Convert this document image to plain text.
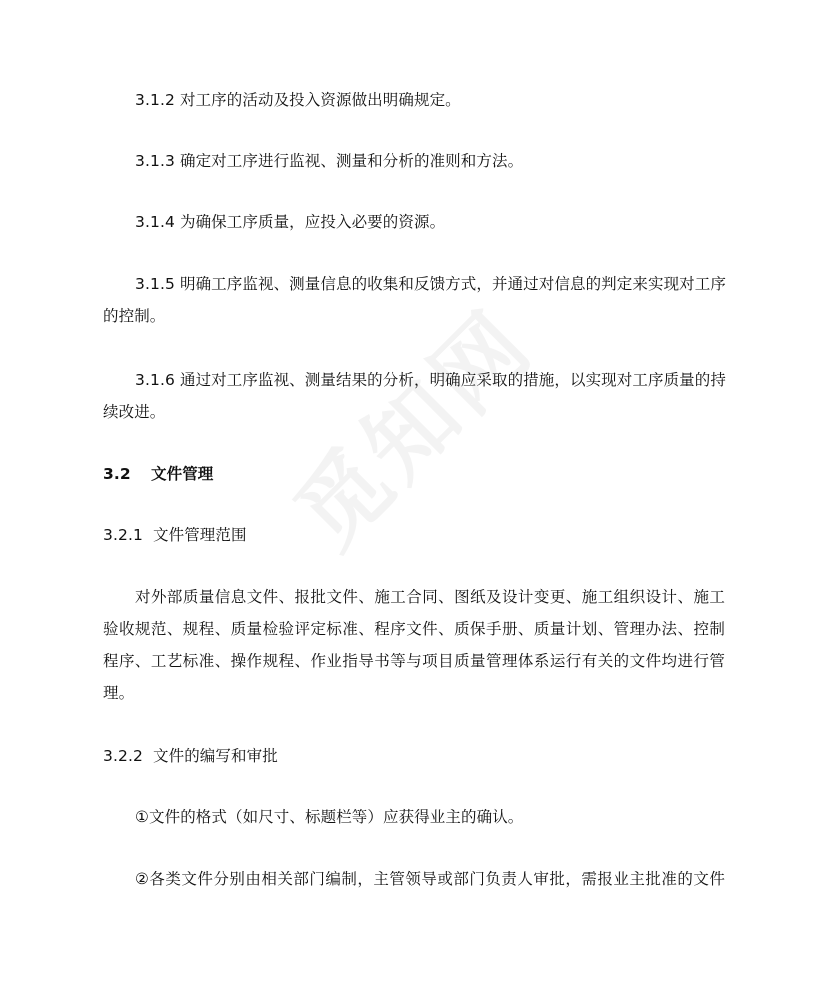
3.1.2 对工序的活动及投入资源做出明确规定。
3.1.3 确定对工序进行监视、测量和分析的准则和方法。
3.1.4 为确保工序质量，应投入必要的资源。
3.1.5 明确工序监视、测量信息的收集和反馈方式，并通过对信息的判定来实现对工序
的控制。
3.1.6 通过对工序监视、测量结果的分析，明确应采取的措施，以实现对工序质量的持
续改进。
3.2 文件管理
3.2.1  文件管理范围
对外部质量信息文件、报批文件、施工合同、图纸及设计变更、施工组织设计、施工
验收规范、规程、质量检验评定标准、程序文件、质保手册、质量计划、管理办法、控制
程序、工艺标准、操作规程、作业指导书等与项目质量管理体系运行有关的文件均进行管
理。
3.2.2  文件的编写和审批
①文件的格式（如尺寸、标题栏等）应获得业主的确认。
②各类文件分别由相关部门编制，主管领导或部门负责人审批，需报业主批准的文件
